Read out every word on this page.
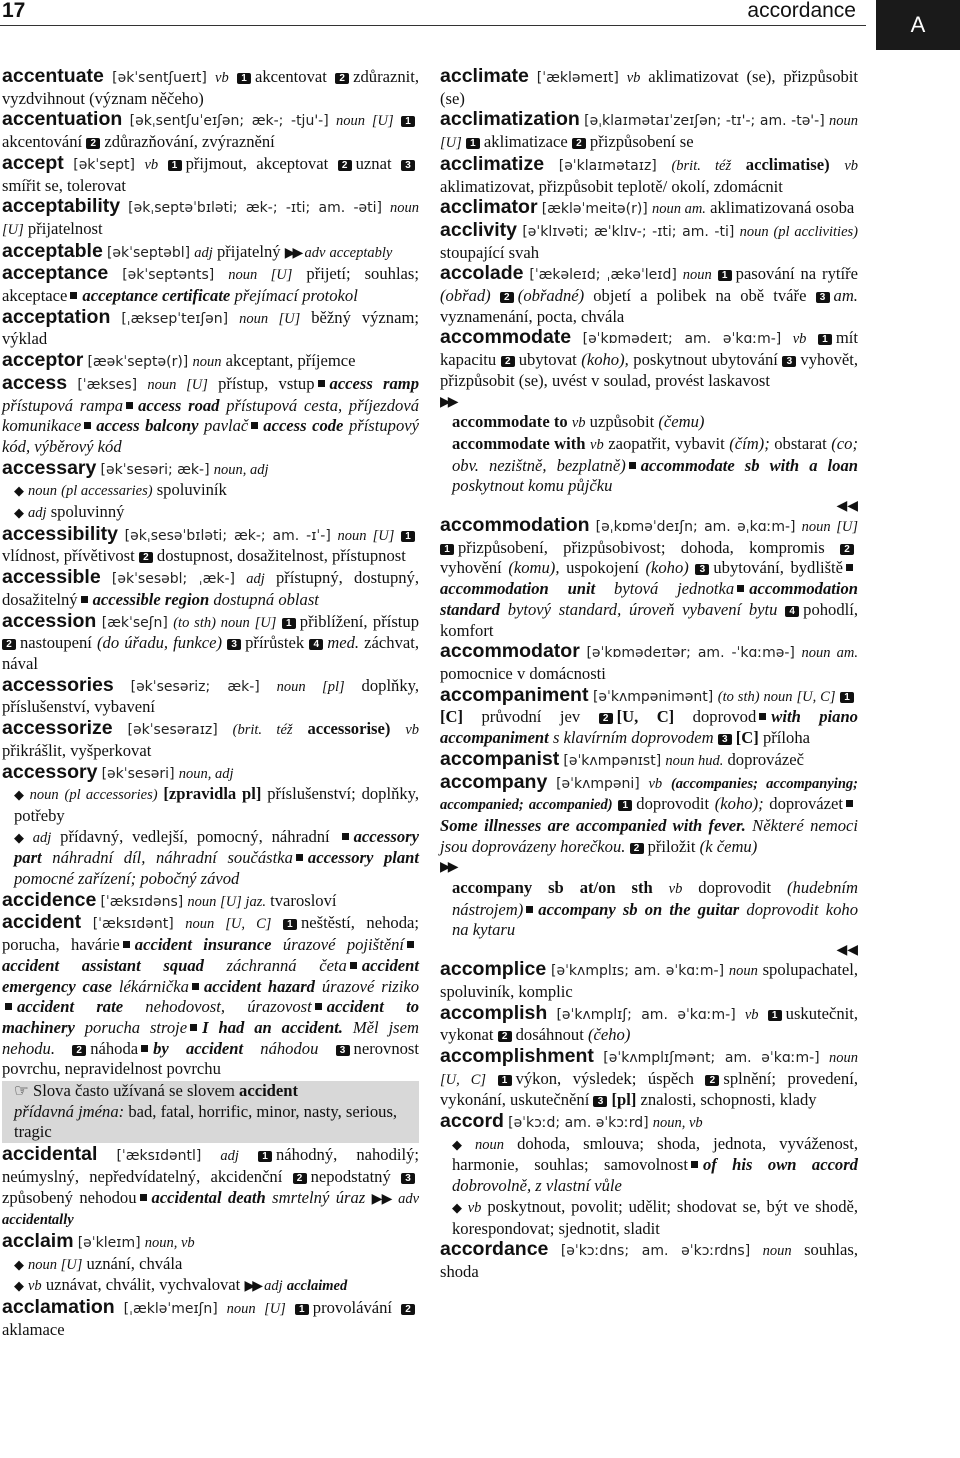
17	accordance
A
accentuate [əkˈsentʃueɪt] vb 1 akcentovat 2 zdůraznit, vyzdvihnout (význam něčeho)
accentuation [əkˌsentʃuˈeɪʃən; ӕk-; -tju'-] noun [U] 1akcentování 2 zdůrazňování, zvýraznění
accept [əkˈsept] vb 1 přijmout, akceptovat 2 uznat 3smířit se, tolerovat
acceptability [əkˌseptəˈbɪləti; ӕk-; -ɪti; am. -əti] noun [U] přijatelnost
acceptable [əkˈseptəbl] adj přijatelný ▶▶ adv acceptably
acceptance [əkˈseptənts] noun [U] přijetí; souhlas; akceptace acceptance certificate přejímací protokol
acceptation [ˌӕksepˈteɪʃən] noun [U] běžný význam; výklad
acceptor [ӕəkˈseptə(r)] noun akceptant, příjemce
access [ˈӕkses] noun [U] přístup, vstup access ramp přístupová rampa access road přístupová cesta, příjezdová komunikace access balcony pavlač access code přístupový kód, výběrový kód
accessary [əkˈsesəri; ӕk-] noun, adj
◆ noun (pl accessaries) spoluviník
◆ adj spoluvinný
accessibility [əkˌsesəˈbɪləti; ӕk-; am. -ɪˈ-] noun [U] 1vlídnost, přívětivost 2 dostupnost, dosažitelnost, přístupnost
accessible [əkˈsesəbl; ˌӕk-] adj přístupný, dostupný, dosažitelný accessible region dostupná oblast
accession [ӕkˈseʃn] (to sth) noun [U] 1 přiblížení, přístup 2 nastoupení (do úřadu, funkce) 3 přírůstek 4 med. záchvat, nával
accessories [əkˈsesəriz; ӕk-] noun [pl] doplňky, příslušenství, vybavení
accessorize [əkˈsesəraɪz] (brit. též accessorise) vb přikrášlit, vyšperkovat
accessory [əkˈsesəri] noun, adj
◆ noun (pl accessories) [zpravidla pl] příslušenství; doplňky, potřeby
◆ adj přídavný, vedlejší, pomocný, náhradní accessory part náhradní díl, náhradní součástka accessory plant pomocné zařízení; pobočný závod
accidence [ˈӕksɪdəns] noun [U] jaz. tvarosloví
accident [ˈӕksɪdənt] noun [U, C] 1 neštěstí, nehoda; porucha, havárie accident insurance úrazové pojištěníaccident assistant squad záchranná četa accident emergency case lékárnička accident hazard úrazové rizikoaccident rate nehodovost, úrazovost accident to machinery porucha stroje I had an accident. Měl jsem nehodu. 2 náhoda by accident náhodou 3 nerovnost povrchu, nepravidelnost povrchu
☞ Slova často užívaná se slovem accident
přídavná jména: bad, fatal, horrific, minor, nasty, serious, tragic
accidental [ˈӕksɪdəntl] adj 1 náhodný, nahodilý; neúmyslný, nepředvídatelný, akcidenční 2 nepodstatný 3způsobený nehodou accidental death smrtelný úraz ▶▶ adv accidentally
acclaim [əˈkleɪm] noun, vb
◆ noun [U] uznání, chvála
◆ vb uznávat, chválit, vychvalovat ▶▶ adj acclaimed
acclamation [ˌӕkləˈmeɪʃn] noun [U] 1 provolávání 2aklamace
acclimate [ˈӕkləmeɪt] vb aklimatizovat (se), přizpůsobit (se)
acclimatization [əˌklaɪmətaɪˈzeɪʃən; -tɪ'-; am. -tə'-] noun [U] 1 aklimatizace 2 přizpůsobení se
acclimatize [əˈklaɪmətaɪz] (brit. též acclimatise) vb aklimatizovat, přizpůsobit teplotě/ okolí, zdomácnit
acclimator [ӕkləˈmeitə(r)] noun am. aklimatizovaná osoba
acclivity [əˈklɪvəti; ӕˈklɪv-; -ɪti; am. -ti] noun (pl acclivities) stoupající svah
accolade [ˈӕkəleɪd; ˌӕkəˈleɪd] noun 1 pasování na rytíře (obřad) 2 (obřadné) objetí a polibek na obě tváře 3 am. vyznamenání, pocta, chvála
accommodate [əˈkɒmədeɪt; am. əˈkɑːm-] vb 1 mít kapacitu 2 ubytovat (koho), poskytnout ubytování 3 vyhovět, přizpůsobit (se), uvést v soulad, provést laskavost
▶▶
accommodate to vb uzpůsobit (čemu)
accommodate with vb zaopatřit, vybavit (čím); obstarat (co; obv. nezištně, bezplatně) accommodate sb with a loan poskytnout komu půjčku
◀◀
accommodation [əˌkɒməˈdeɪʃn; am. əˌkɑːm-] noun [U] 1 přizpůsobení, přizpůsobivost; dohoda, kompromis 2vyhovění (komu), uspokojení (koho) 3 ubytování, bydlištěaccommodation unit bytová jednotka accommodation standard bytový standard, úroveň vybavení bytu 4 pohodlí, komfort
accommodator [əˈkɒmədeɪtər; am. -ˈkɑːmə-] noun am. pomocnice v domácnosti
accompaniment [əˈkʌmpənimənt] (to sth) noun [U, C] 1[C] průvodní jev 2 [U, C] doprovod with piano accompaniment s klavírním doprovodem 3 [C] příloha
accompanist [əˈkʌmpənɪst] noun hud. doprovázeč
accompany [əˈkʌmpəni] vb (accompanies; accompanying; accompanied; accompanied) 1 doprovodit (koho); doprovázetSome illnesses are accompanied with fever. Některé nemoci jsou doprovázeny horečkou. 2 přiložit (k čemu)
▶▶
accompany sb at/on sth vb doprovodit (hudebním nástrojem) accompany sb on the guitar doprovodit koho na kytaru
◀◀
accomplice [əˈkʌmplɪs; am. əˈkɑːm-] noun spolupachatel, spoluviník, komplic
accomplish [əˈkʌmplɪʃ; am. əˈkɑːm-] vb 1 uskutečnit, vykonat 2 dosáhnout (čeho)
accomplishment [əˈkʌmplɪʃmənt; am. əˈkɑːm-] noun [U, C] 1 výkon, výsledek; úspěch 2 splnění; provedení, vykonání, uskutečnění 3 [pl] znalosti, schopnosti, klady
accord [əˈkɔːd; am. əˈkɔːrd] noun, vb
◆ noun dohoda, smlouva; shoda, jednota, vyváženost, harmonie, souhlas; samovolnost of his own accord dobrovolně, z vlastní vůle
◆ vb poskytnout, povolit; udělit; shodovat se, být ve shodě, korespondovat; sjednotit, sladit
accordance [əˈkɔːdns; am. əˈkɔːrdns] noun souhlas, shoda
